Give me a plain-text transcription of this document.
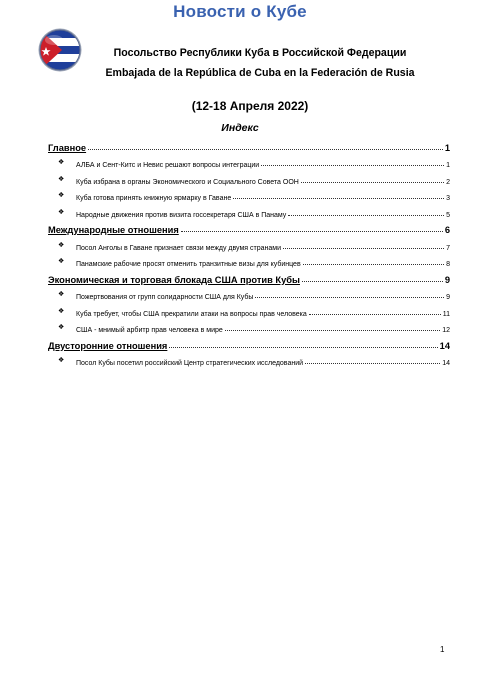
Новости о Кубе
Посольство Республики Куба в Российской Федерации
Embajada de la República de Cuba en la Federación de Rusia
(12-18 Апреля 2022)
Индекс
Главное	1
❖	АЛБА и Сент-Китс и Невис решают вопросы интеграции	1
❖	Куба избрана в органы Экономического и Социального Совета ООН	2
❖	Куба готова принять книжную ярмарку в Гаване	3
❖	Народные движения против визита госсекретаря США в Панаму	5
Международные отношения	6
❖	Посол Анголы в Гаване признает связи между двумя странами	7
❖	Панамские рабочие просят отменить транзитные визы для кубинцев	8
Экономическая и торговая блокада США против Кубы	9
❖	Пожертвования от групп солидарности США для Кубы	9
❖	Куба требует, чтобы США прекратили атаки на вопросы прав человека	11
❖	США - мнимый арбитр прав человека в мире	12
Двусторонние отношения	14
❖	Посол Кубы посетил российский Центр стратегических исследований	14
1
